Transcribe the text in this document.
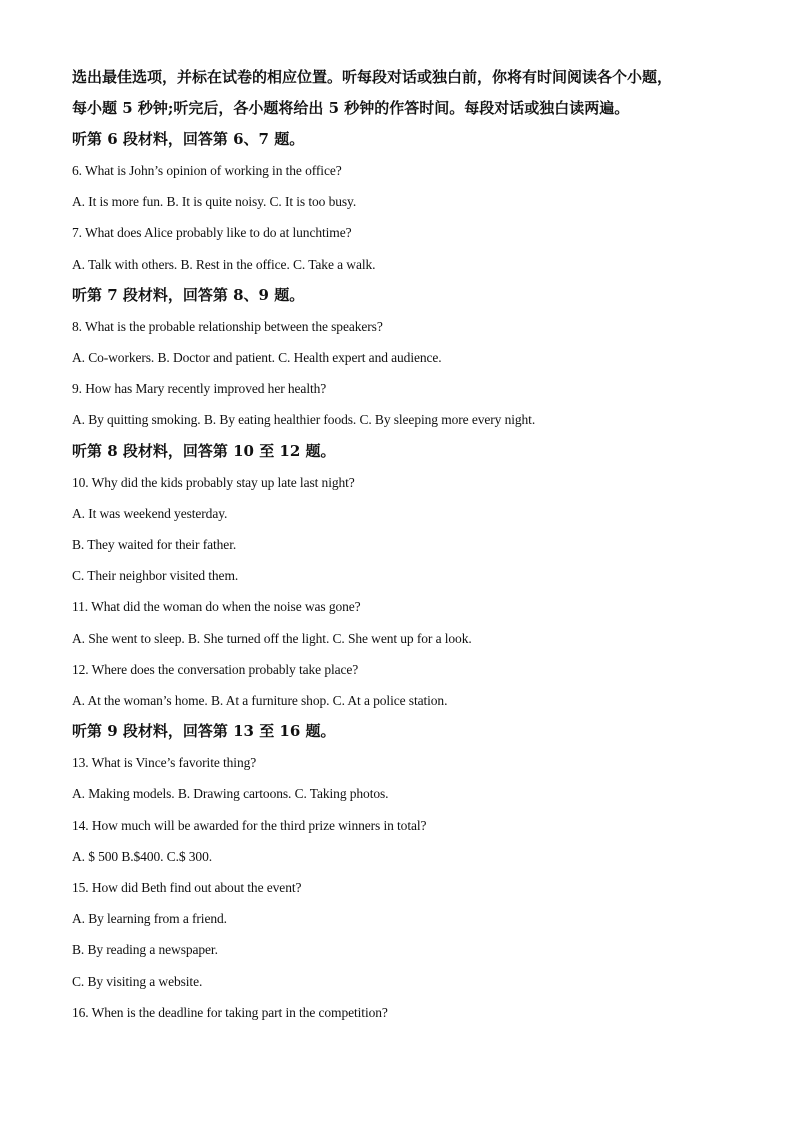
选出最佳选项，并标在试卷的相应位置。听每段对话或独白前，你将有时间阅读各个小题，

每小题 5 秒钟;听完后，各小题将给出 5 秒钟的作答时间。每段对话或独白读两遍。

听第 6 段材料，回答第 6、7 题。

6. What is John’s opinion of working in the office?

A. It is more fun. B. It is quite noisy. C. It is too busy.

7. What does Alice probably like to do at lunchtime?

A. Talk with others. B. Rest in the office. C. Take a walk.

听第 7 段材料，回答第 8、9 题。

8. What is the probable relationship between the speakers?

A. Co-workers. B. Doctor and patient. C. Health expert and audience.

9. How has Mary recently improved her health?

A. By quitting smoking. B. By eating healthier foods. C. By sleeping more every night.

听第 8 段材料，回答第 10 至 12 题。

10. Why did the kids probably stay up late last night?

A. It was weekend yesterday.

B. They waited for their father.

C. Their neighbor visited them.

11. What did the woman do when the noise was gone?

A. She went to sleep. B. She turned off the light. C. She went up for a look.

12. Where does the conversation probably take place?

A. At the woman’s home. B. At a furniture shop. C. At a police station.

听第 9 段材料，回答第 13 至 16 题。

13. What is Vince’s favorite thing?

A. Making models. B. Drawing cartoons. C. Taking photos.

14. How much will be awarded for the third prize winners in total?

A. $ 500 B.$400. C.$ 300.

15. How did Beth find out about the event?

A. By learning from a friend.

B. By reading a newspaper.

C. By visiting a website.

16. When is the deadline for taking part in the competition?
